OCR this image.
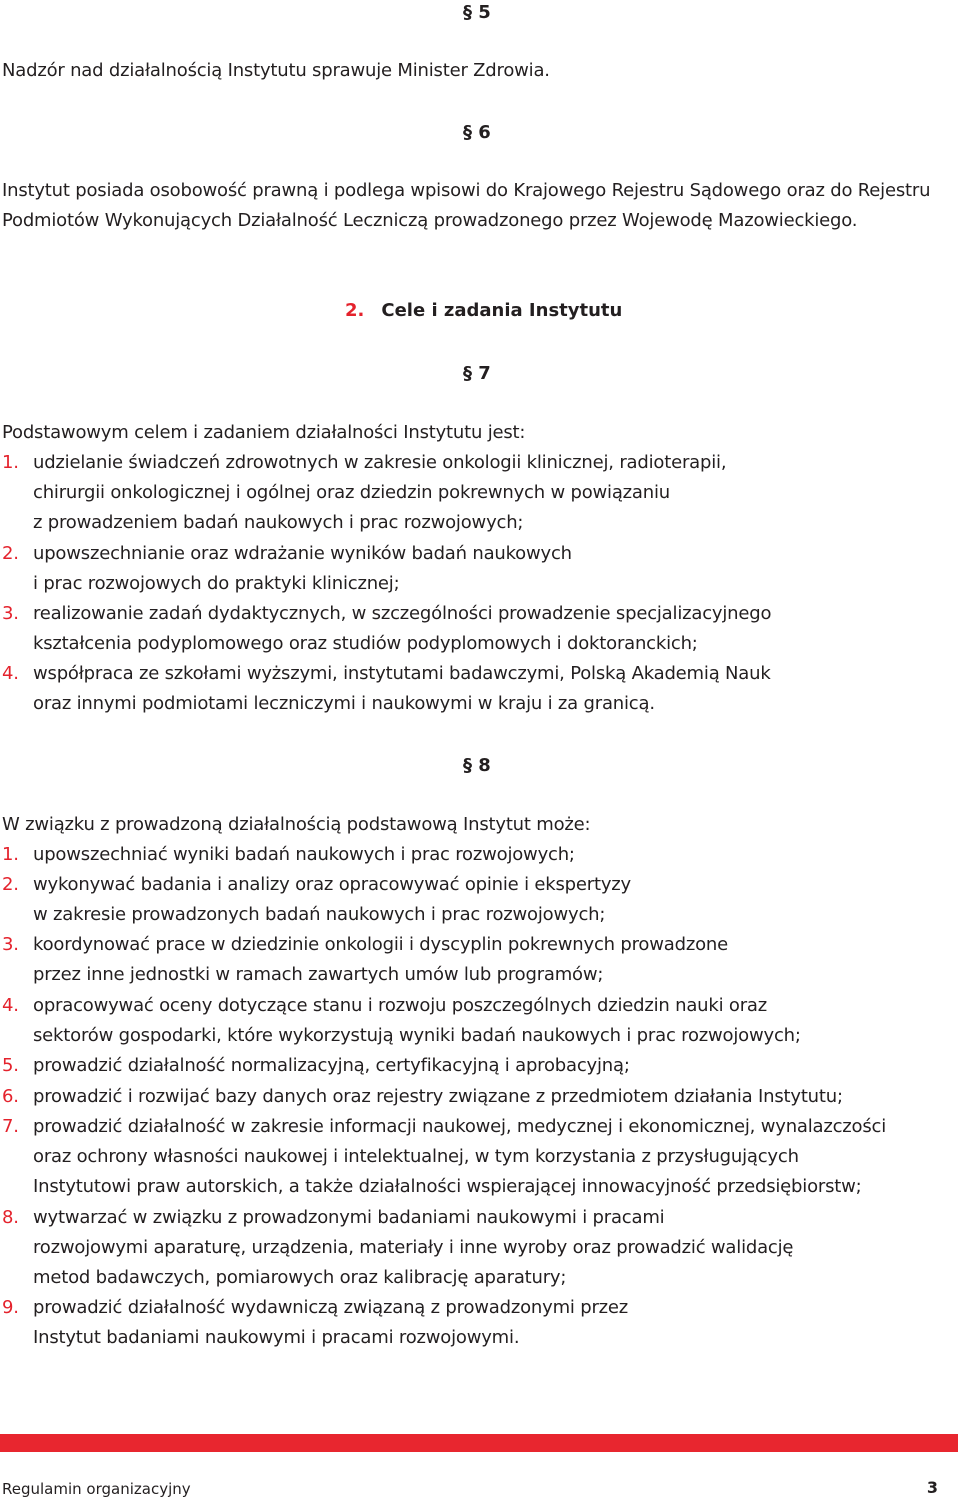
§ 5
Nadzór nad działalnością Instytutu sprawuje Minister Zdrowia.
§ 6
Instytut posiada osobowość prawną i podlega wpisowi do Krajowego Rejestru Sądowego oraz do Rejestru
Podmiotów Wykonujących Działalność Leczniczą prowadzonego przez Wojewodę Mazowieckiego.
2. Cele i zadania Instytutu
§ 7
Podstawowym celem i zadaniem działalności Instytutu jest:
1. udzielanie świadczeń zdrowotnych w zakresie onkologii klinicznej, radioterapii,
chirurgii onkologicznej i ogólnej oraz dziedzin pokrewnych w powiązaniu
z prowadzeniem badań naukowych i prac rozwojowych;
2. upowszechnianie oraz wdrażanie wyników badań naukowych
i prac rozwojowych do praktyki klinicznej;
3. realizowanie zadań dydaktycznych, w szczególności prowadzenie specjalizacyjnego
kształcenia podyplomowego oraz studiów podyplomowych i doktoranckich;
4. współpraca ze szkołami wyższymi, instytutami badawczymi, Polską Akademią Nauk
oraz innymi podmiotami leczniczymi i naukowymi w kraju i za granicą.
§ 8
W związku z prowadzoną działalnością podstawową Instytut może:
1. upowszechniać wyniki badań naukowych i prac rozwojowych;
2. wykonywać badania i analizy oraz opracowywać opinie i ekspertyzy
w zakresie prowadzonych badań naukowych i prac rozwojowych;
3. koordynować prace w dziedzinie onkologii i dyscyplin pokrewnych prowadzone
przez inne jednostki w ramach zawartych umów lub programów;
4. opracowywać oceny dotyczące stanu i rozwoju poszczególnych dziedzin nauki oraz
sektorów gospodarki, które wykorzystują wyniki badań naukowych i prac rozwojowych;
5. prowadzić działalność normalizacyjną, certyfikacyjną i aprobacyjną;
6. prowadzić i rozwijać bazy danych oraz rejestry związane z przedmiotem działania Instytutu;
7. prowadzić działalność w zakresie informacji naukowej, medycznej i ekonomicznej, wynalazczości
oraz ochrony własności naukowej i intelektualnej, w tym korzystania z przysługujących
Instytutowi praw autorskich, a także działalności wspierającej innowacyjność przedsiębiorstw;
8. wytwarzać w związku z prowadzonymi badaniami naukowymi i pracami
rozwojowymi aparaturę, urządzenia, materiały i inne wyroby oraz prowadzić walidację
metod badawczych, pomiarowych oraz kalibrację aparatury;
9. prowadzić działalność wydawniczą związaną z prowadzonymi przez
Instytut badaniami naukowymi i pracami rozwojowymi.
Regulamin organizacyjny	3
